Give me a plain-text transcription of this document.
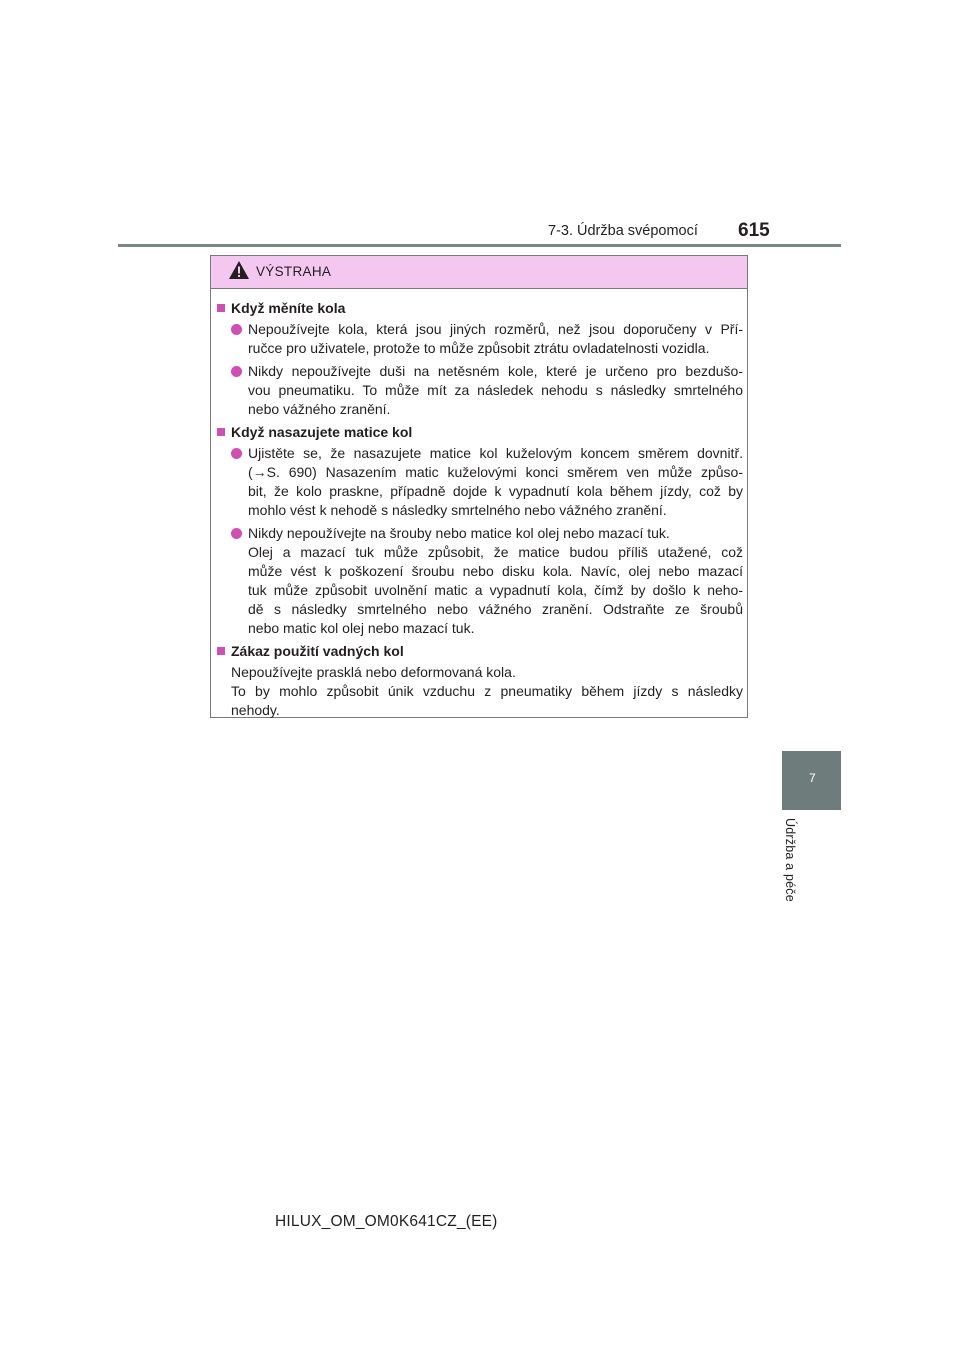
7-3. Údržba svépomocí 615
7
Údržba a péče
VÝSTRAHA
Když měníte kola
Nepoužívejte kola, která jsou jiných rozměrů, než jsou doporučeny v Pří-
ručce pro uživatele, protože to může způsobit ztrátu ovladatelnosti vozidla.
Nikdy nepoužívejte duši na netěsném kole, které je určeno pro bezdušo-
vou pneumatiku. To může mít za následek nehodu s následky smrtelného
nebo vážného zranění.
Když nasazujete matice kol
Ujistěte se, že nasazujete matice kol kuželovým koncem směrem dovnitř.
(→S. 690) Nasazením matic kuželovými konci směrem ven může způso-
bit, že kolo praskne, případně dojde k vypadnutí kola během jízdy, což by
mohlo vést k nehodě s následky smrtelného nebo vážného zranění.
Nikdy nepoužívejte na šrouby nebo matice kol olej nebo mazací tuk.
Olej a mazací tuk může způsobit, že matice budou příliš utažené, což
může vést k poškození šroubu nebo disku kola. Navíc, olej nebo mazací
tuk může způsobit uvolnění matic a vypadnutí kola, čímž by došlo k neho-
dě s následky smrtelného nebo vážného zranění. Odstraňte ze šroubů
nebo matic kol olej nebo mazací tuk.
Zákaz použití vadných kol
Nepoužívejte prasklá nebo deformovaná kola.
To by mohlo způsobit únik vzduchu z pneumatiky během jízdy s následky
nehody.
HILUX_OM_OM0K641CZ_(EE)
